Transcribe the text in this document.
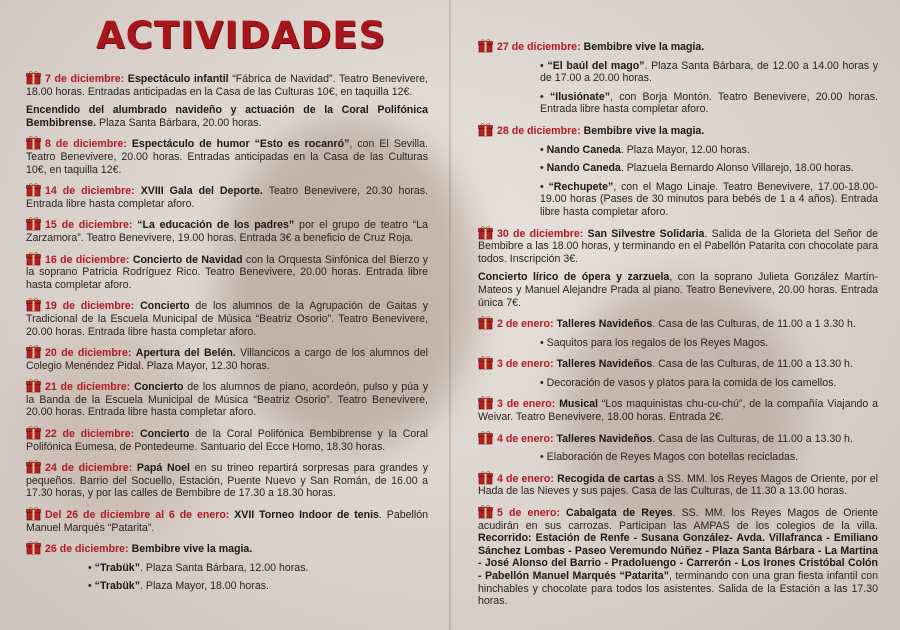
ACTIVIDADES

7 de diciembre: Espectáculo infantil “Fábrica de Navidad”. Teatro Benevivere, 18.00 horas. Entradas anticipadas en la Casa de las Culturas 10€, en taquilla 12€.

Encendido del alumbrado navideño y actuación de la Coral Polifónica Bembibrense. Plaza Santa Bárbara, 20.00 horas.

8 de diciembre: Espectáculo de humor “Esto es rocanró”, con El Sevilla. Teatro Benevivere, 20.00 horas. Entradas anticipadas en la Casa de las Culturas 10€, en taquilla 12€.

14 de diciembre: XVIII Gala del Deporte. Teatro Benevivere, 20.30 horas. Entrada libre hasta completar aforo.

15 de diciembre: “La educación de los padres” por el grupo de teatro “La Zarzamora”. Teatro Benevivere, 19.00 horas. Entrada 3€ a beneficio de Cruz Roja.

16 de diciembre: Concierto de Navidad con la Orquesta Sinfónica del Bierzo y la soprano Patricia Rodríguez Rico. Teatro Benevivere, 20.00 horas. Entrada libre hasta completar aforo.

19 de diciembre: Concierto de los alumnos de la Agrupación de Gaitas y Tradicional de la Escuela Municipal de Música “Beatriz Osorio”. Teatro Benevivere, 20.00 horas. Entrada libre hasta completar aforo.

20 de diciembre: Apertura del Belén. Villancicos a cargo de los alumnos del Colegio Menéndez Pidal. Plaza Mayor, 12.30 horas.

21 de diciembre: Concierto de los alumnos de piano, acordeón, pulso y púa y la Banda de la Escuela Municipal de Música “Beatriz Osorio”. Teatro Benevivere, 20.00 horas. Entrada libre hasta completar aforo.

22 de diciembre: Concierto de la Coral Polifónica Bembibrense y la Coral Polifónica Eumesa, de Pontedeume. Santuario del Ecce Homo, 18.30 horas.

24 de diciembre: Papá Noel en su trineo repartirá sorpresas para grandes y pequeños. Barrio del Socuello, Estación, Puente Nuevo y San Román, de 16.00 a 17.30 horas, y por las calles de Bembibre de 17.30 a 18.30 horas.

Del 26 de diciembre al 6 de enero: XVII Torneo Indoor de tenis. Pabellón Manuel Marqués “Patarita”.

26 de diciembre: Bembibre vive la magia.

• “Trabük”. Plaza Santa Bárbara, 12.00 horas.

• “Trabük”. Plaza Mayor, 18.00 horas.

27 de diciembre: Bembibre vive la magia.

• “El baúl del mago”. Plaza Santa Bárbara, de 12.00 a 14.00 horas y de 17.00 a 20.00 horas.

• “Ilusiónate”, con Borja Montón. Teatro Benevivere, 20.00 horas. Entrada libre hasta completar aforo.

28 de diciembre: Bembibre vive la magia.

• Nando Caneda. Plaza Mayor, 12.00 horas.

• Nando Caneda. Plazuela Bernardo Alonso Villarejo, 18.00 horas.

• “Rechupete”, con el Mago Linaje. Teatro Benevivere, 17.00-18.00-19.00 horas (Pases de 30 minutos para bebés de 1 a 4 años). Entrada libre hasta completar aforo.

30 de diciembre: San Silvestre Solidaria. Salida de la Glorieta del Señor de Bembibre a las 18.00 horas, y terminando en el Pabellón Patarita con chocolate para todos. Inscripción 3€.

Concierto lírico de ópera y zarzuela, con la soprano Julieta González Martín-Mateos y Manuel Alejandre Prada al piano. Teatro Benevivere, 20.00 horas. Entrada única 7€.

2 de enero: Talleres Navideños. Casa de las Culturas, de 11.00 a 1 3.30 h.

• Saquitos para los regalos de los Reyes Magos.

3 de enero: Talleres Navideños. Casa de las Culturas, de 11.00 a 13.30 h.

• Decoración de vasos y platos para la comida de los camellos.

3 de enero: Musical “Los maquinistas chu-cu-chú”, de la compañía Viajando a Weivar. Teatro Benevivere, 18.00 horas. Entrada 2€.

4 de enero: Talleres Navideños. Casa de las Culturas, de 11.00 a 13.30 h.

• Elaboración de Reyes Magos con botellas recicladas.

4 de enero: Recogida de cartas a SS. MM. los Reyes Magos de Oriente, por el Hada de las Nieves y sus pajes. Casa de las Culturas, de 11.30 a 13.00 horas.

5 de enero: Cabalgata de Reyes. SS. MM. los Reyes Magos de Oriente acudirán en sus carrozas. Participan las AMPAS de los colegios de la villa. Recorrido: Estación de Renfe - Susana González- Avda. Villafranca - Emiliano Sánchez Lombas - Paseo Veremundo Núñez - Plaza Santa Bárbara - La Martina - José Alonso del Barrio - Pradoluengo - Carrerón - Los Irones Cristóbal Colón - Pabellón Manuel Marqués “Patarita”, terminando con una gran fiesta infantil con hinchables y chocolate para todos los asistentes. Salida de la Estación a las 17.30 horas.
